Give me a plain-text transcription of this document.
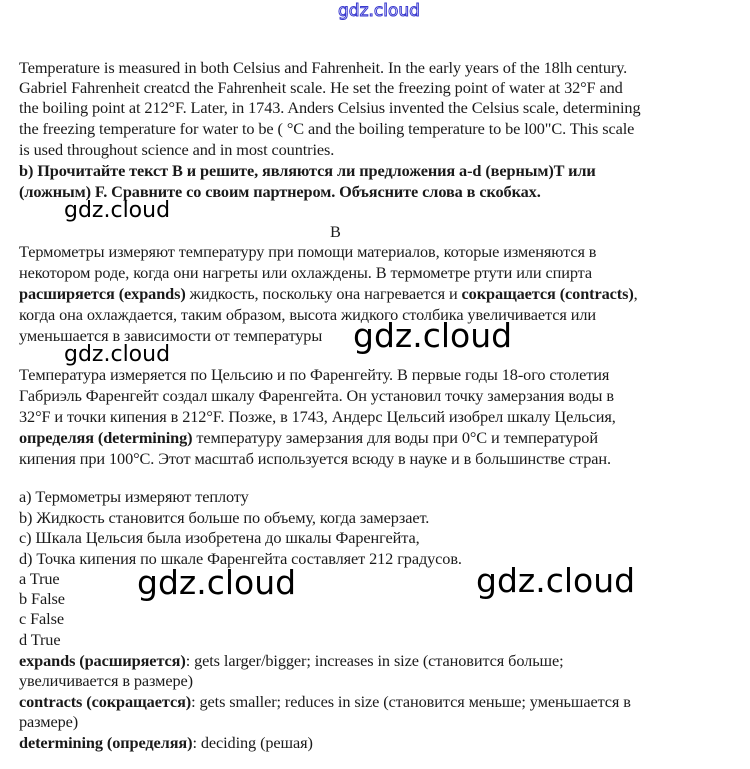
gdz.cloud
B
Temperature is measured in both Celsius and Fahrenheit. In the early years of the 18lh century.
Gabriel Fahrenheit creatcd the Fahrenheit scale. He set the freezing point of water at 32°F and
the boiling point at 212°F. Later, in 1743. Anders Celsius invented the Celsius scale, determining
the freezing temperature for water to be ( °C and the boiling temperature to be l00"C. This scale
is used throughout science and in most countries.
b) Прочитайте текст B и решите, являются ли предложения a-d (верным)T или
(ложным) F. Сравните со своим партнером. Объясните слова в скобках.
Термометры измеряют температуру при помощи материалов, которые изменяются в
некотором роде, когда они нагреты или охлаждены. В термометре ртути или спирта
расширяется (expands) жидкость, поскольку она нагревается и сокращается (contracts),
когда она охлаждается, таким образом, высота жидкого столбика увеличивается или
уменьшается в зависимости от температуры
Температура измеряется по Цельсию и по Фаренгейту. В первые годы 18-ого столетия
Габриэль Фаренгейт создал шкалу Фаренгейта. Он установил точку замерзания воды в
32°F и точки кипения в 212°F. Позже, в 1743, Андерс Цельсий изобрел шкалу Цельсия,
определяя (determining) температуру замерзания для воды при 0°C и температурой
кипения при 100°C. Этот масштаб используется всюду в науке и в большинстве стран.
a) Термометры измеряют теплоту
b) Жидкость становится больше по объему, когда замерзает.
c) Шкала Цельсия была изобретена до шкалы Фаренгейта,
d) Точка кипения по шкале Фаренгейта составляет 212 градусов.
a True
b False
c False
d True
expands (расширяется): gets larger/bigger; increases in size (становится больше;
увеличивается в размере)
contracts (сокращается): gets smaller; reduces in size (становится меньше; уменьшается в
размере)
determining (определяя): deciding (решая)
gdz.cloud
gdz.cloud
gdz.cloud
gdz.cloud	gdz.cloud
